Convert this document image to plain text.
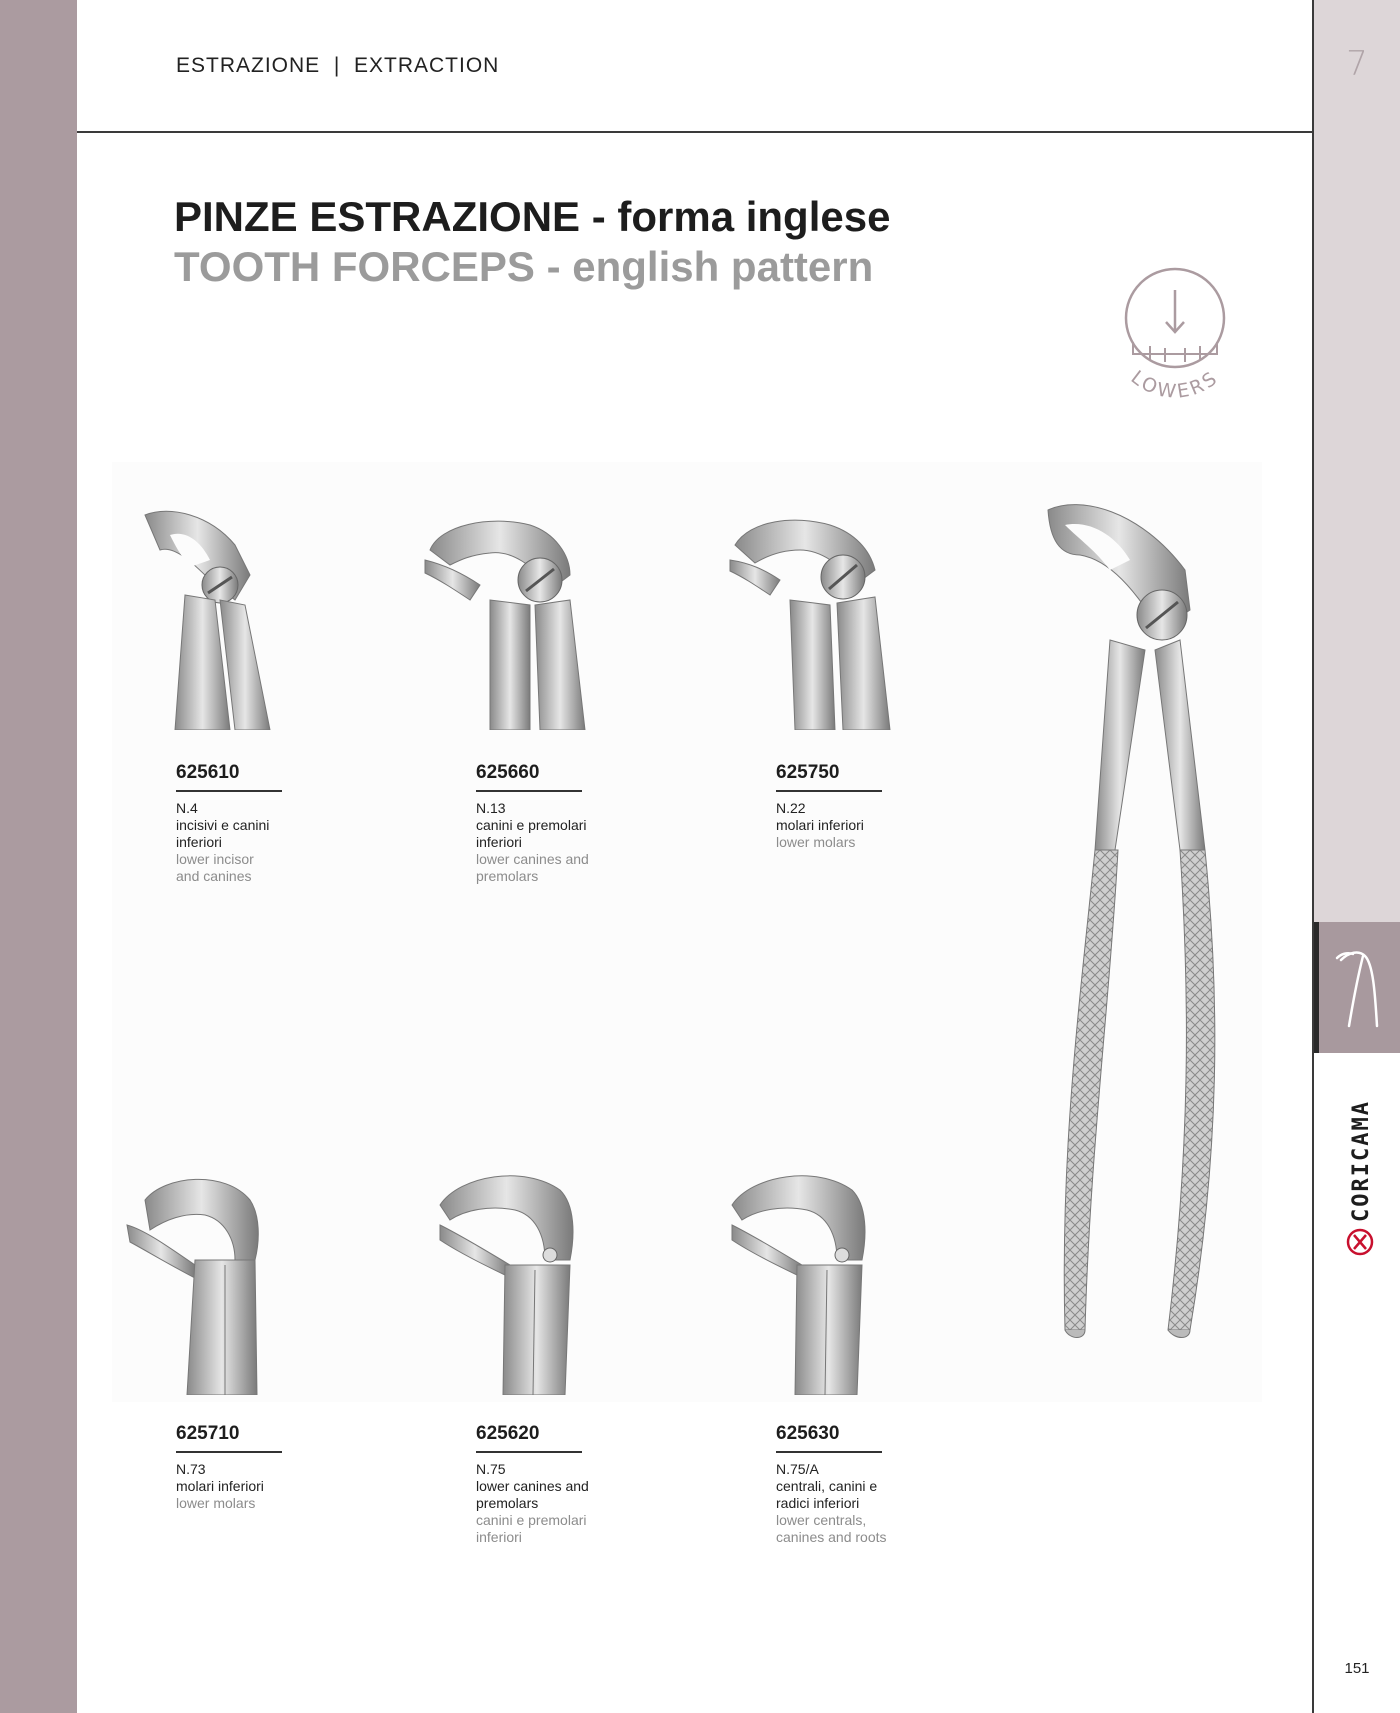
7
CORICAMA
151
ESTRAZIONE  |  EXTRACTION
PINZE ESTRAZIONE - forma inglese
TOOTH FORCEPS - english pattern
LOWERS
625610
N.4
incisivi e canini inferiori
lower incisor and canines
625660
N.13
canini e premolari inferiori
lower canines and premolars
625750
N.22
molari inferiori
lower molars
625710
N.73
molari inferiori
lower molars
625620
N.75
lower canines and premolars
canini e premolari inferiori
625630
N.75/A
centrali, canini e radici inferiori
lower centrals, canines and roots
